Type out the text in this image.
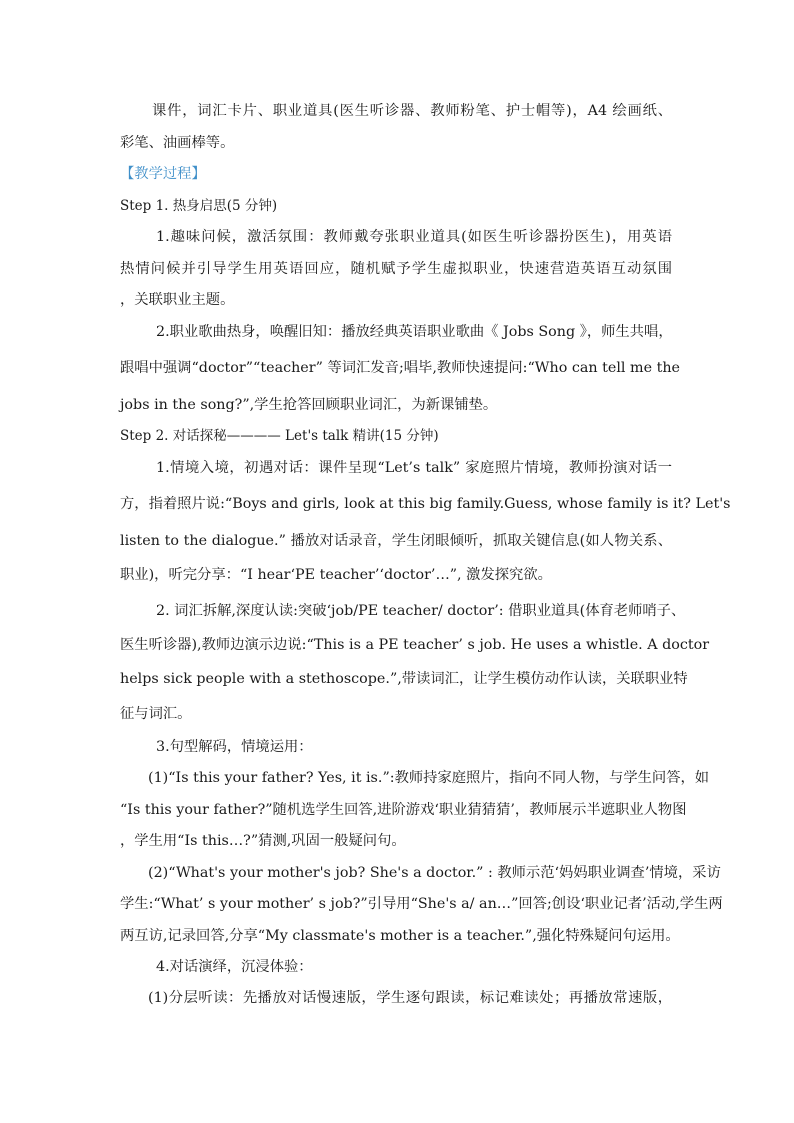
课件，词汇卡片、职业道具(医生听诊器、教师粉笔、护士帽等)，A4 绘画纸、

彩笔、油画棒等。

【教学过程】

Step 1. 热身启思(5 分钟)

1.趣味问候，激活氛围：教师戴夸张职业道具(如医生听诊器扮医生)，用英语

热情问候并引导学生用英语回应，随机赋予学生虚拟职业，快速营造英语互动氛围

，关联职业主题。

2.职业歌曲热身，唤醒旧知：播放经典英语职业歌曲《 Jobs Song 》，师生共唱，

跟唱中强调“doctor”“teacher” 等词汇发音;唱毕,教师快速提问:“Who can tell me the

jobs in the song?”,学生抢答回顾职业词汇，为新课铺垫。

Step 2. 对话探秘———— Let's talk 精讲(15 分钟)

1.情境入境，初遇对话：课件呈现“Let’s talk” 家庭照片情境，教师扮演对话一

方，指着照片说:“Boys and girls, look at this big family.Guess, whose family is it? Let's

listen to the dialogue.” 播放对话录音，学生闭眼倾听，抓取关键信息(如人物关系、

职业)，听完分享：“I hear‘PE teacher’‘doctor’…”, 激发探究欲。

2. 词汇拆解,深度认读:突破‘job/PE teacher/ doctor’: 借职业道具(体育老师哨子、

医生听诊器),教师边演示边说:“This is a PE teacher’ s job. He uses a whistle. A doctor

helps sick people with a stethoscope.”,带读词汇，让学生模仿动作认读，关联职业特

征与词汇。

3.句型解码，情境运用：

(1)“Is this your father? Yes, it is.”:教师持家庭照片，指向不同人物，与学生问答，如

“Is this your father?”随机选学生回答,进阶游戏‘职业猜猜猜’，教师展示半遮职业人物图

，学生用“Is this…?”猜测,巩固一般疑问句。

(2)“What's your mother's job? She's a doctor.” : 教师示范‘妈妈职业调查’情境，采访

学生:“What’ s your mother’ s job?”引导用“She's a/ an…”回答;创设‘职业记者’活动,学生两

两互访,记录回答,分享“My classmate's mother is a teacher.”,强化特殊疑问句运用。

4.对话演绎，沉浸体验：

(1)分层听读：先播放对话慢速版，学生逐句跟读，标记难读处；再播放常速版，
